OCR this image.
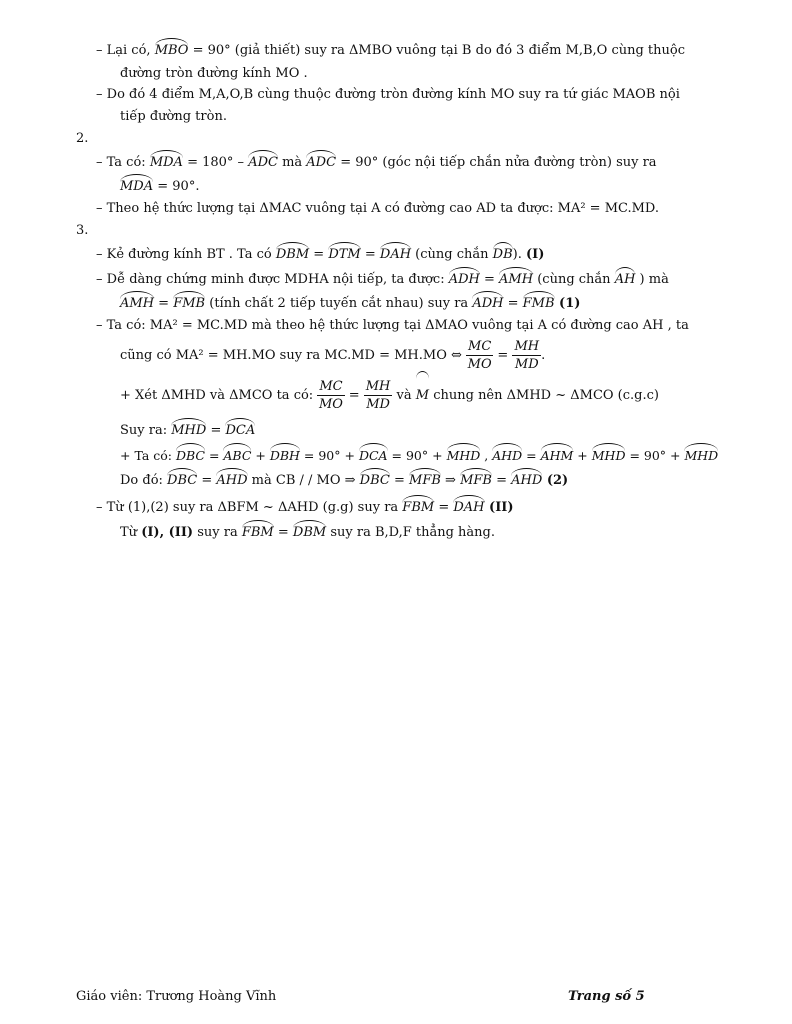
– Lại có, MBO = 90° (giả thiết) suy ra ΔMBO vuông tại B do đó 3 điểm M,B,O cùng thuộc
đường tròn đường kính MO .
– Do đó 4 điểm M,A,O,B cùng thuộc đường tròn đường kính MO suy ra tứ giác MAOB nội
tiếp đường tròn.
2.
– Ta có: MDA = 180° – ADC mà ADC = 90° (góc nội tiếp chắn nửa đường tròn) suy ra
MDA = 90°.
– Theo hệ thức lượng tại ΔMAC vuông tại A có đường cao AD ta được: MA² = MC.MD.
3.
– Kẻ đường kính BT . Ta có DBM = DTM = DAH (cùng chắn DB). (I)
– Dễ dàng chứng minh được MDHA nội tiếp, ta được: ADH = AMH (cùng chắn AH ) mà
AMH = FMB (tính chất 2 tiếp tuyến cắt nhau) suy ra ADH = FMB (1)
– Ta có: MA² = MC.MD mà theo hệ thức lượng tại ΔMAO vuông tại A có đường cao AH , ta
cũng có MA² = MH.MO suy ra MC.MD = MH.MO ⇔ $\frac{MC}{MO} = \frac{MH}{MD}$ .
+ Xét ΔMHD và ΔMCO ta có: $\frac{MC}{MO} = \frac{MH}{MD}$ và M chung nên ΔMHD ~ ΔMCO (c.g.c)
Suy ra: MHD = DCA
+ Ta có: DBC = ABC + DBH = 90° + DCA = 90° + MHD , AHD = AHM + MHD = 90° + MHD
Do đó: DBC = AHD mà CB / / MO ⇒ DBC = MFB ⇒ MFB = AHD (2)
– Từ (1),(2) suy ra ΔBFM ~ ΔAHD (g.g) suy ra FBM = DAH (II)
Từ (I), (II) suy ra FBM = DBM suy ra B,D,F thẳng hàng.
Giáo viên: Trương Hoàng Vĩnh	Trang số 5
